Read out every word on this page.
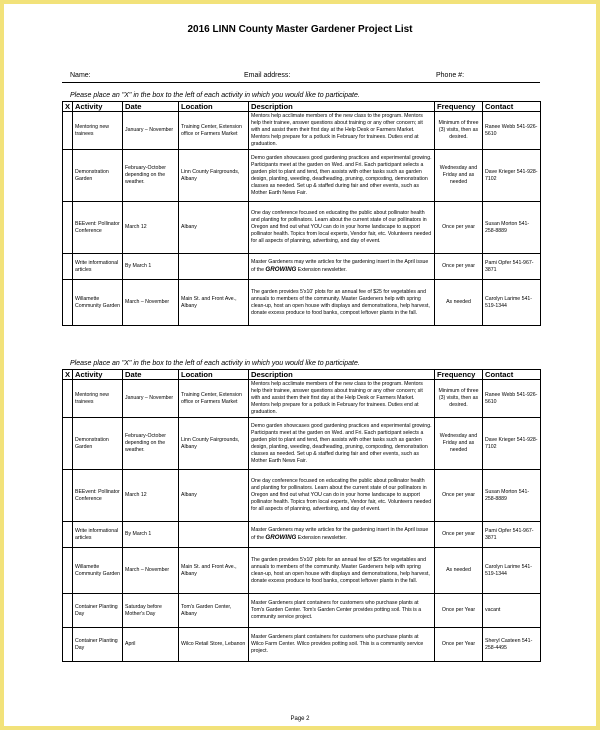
2016 LINN County Master Gardener Project List
Name:	Email address:	Phone #:
Please place an "X" in the box to the left of each activity in which you would like to participate.
X	Activity	Date	Location	Description	Frequency	Contact
	Mentoring new trainees	January – November	Training Center, Extension office or Farmers Market	Mentors help acclimate members of the new class to the program. Mentors help their trainee, answer questions about training or any other concern; sit with and assist them their first day at the Help Desk or Farmers Market. Mentors help prepare for a potluck in February for trainees. Duties end at graduation.	Minimum of three (3) visits, then as desired.	Ranee Webb 541-926-5610
	Demonstration Garden	February-October depending on the weather.	Linn County Fairgrounds, Albany	Demo garden showcases good gardening practices and experimental growing. Participants meet at the garden on Wed. and Fri. Each participant selects a garden plot to plant and tend, then assists with other tasks such as garden design, planting, weeding, deadheading, pruning, composting, demonstration classes as needed. Set up & staffed during fair and other events, such as Mother Earth News Fair.	Wednesday and Friday and as needed	Dave Krieger 541-928-7102
	BEEvent: Pollinator Conference	March 12	Albany	One day conference focused on educating the public about pollinator health and planting for pollinators. Learn about the current state of our pollinators in Oregon and find out what YOU can do in your home landscape to support pollinator health. Topics from local experts, Vendor fair, etc. Volunteers needed for all aspects of planning, advertising, and day of event.	Once per year	Susan Morton 541-258-8889
	Write informational articles	By March 1		Master Gardeners may write articles for the gardening insert in the April issue of the GROWING Extension newsletter.	Once per year	Pami Opfer 541-967-3871
	Willamette Community Garden	March – November	Main St. and Front Ave., Albany	The garden provides 5'x10' plots for an annual fee of $25 for vegetables and annuals to members of the community. Master Gardeners help with spring clean-up, host an open house with displays and demonstrations, help harvest, donate excess produce to food banks, compost leftover plants in the fall.	As needed	Carolyn Larime 541-519-1344
Please place an "X" in the box to the left of each activity in which you would like to participate.
X	Activity	Date	Location	Description	Frequency	Contact
	Mentoring new trainees	January – November	Training Center, Extension office or Farmers Market	Mentors help acclimate members of the new class to the program. Mentors help their trainee, answer questions about training or any other concern; sit with and assist them their first day at the Help Desk or Farmers Market. Mentors help prepare for a potluck in February for trainees. Duties end at graduation.	Minimum of three (3) visits, then as desired.	Ranee Webb 541-926-5610
	Demonstration Garden	February-October depending on the weather.	Linn County Fairgrounds, Albany	Demo garden showcases good gardening practices and experimental growing. Participants meet at the garden on Wed. and Fri. Each participant selects a garden plot to plant and tend, then assists with other tasks such as garden design, planting, weeding, deadheading, pruning, composting, demonstration classes as needed. Set up & staffed during fair and other events, such as Mother Earth News Fair.	Wednesday and Friday and as needed	Dave Krieger 541-928-7102
	BEEvent: Pollinator Conference	March 12	Albany	One day conference focused on educating the public about pollinator health and planting for pollinators. Learn about the current state of our pollinators in Oregon and find out what YOU can do in your home landscape to support pollinator health. Topics from local experts, Vendor fair, etc. Volunteers needed for all aspects of planning, advertising, and day of event.	Once per year	Susan Morton 541-258-8889
	Write informational articles	By March 1		Master Gardeners may write articles for the gardening insert in the April issue of the GROWING Extension newsletter.	Once per year	Pami Opfer 541-967-3871
	Willamette Community Garden	March – November	Main St. and Front Ave., Albany	The garden provides 5'x10' plots for an annual fee of $25 for vegetables and annuals to members of the community. Master Gardeners help with spring clean-up, host an open house with displays and demonstrations, help harvest, donate excess produce to food banks, compost leftover plants in the fall.	As needed	Carolyn Larime 541-519-1344
	Container Planting Day	Saturday before Mother's Day	Tom's Garden Center, Albany	Master Gardeners plant containers for customers who purchase plants at Tom's Garden Center. Tom's Garden Center provides potting soil. This is a community service project.	Once per Year	vacant
	Container Planting Day	April	Wilco Retail Store, Lebanon	Master Gardeners plant containers for customers who purchase plants at Wilco Farm Center. Wilco provides potting soil. This is a community service project.	Once per Year	Sheryl Casteen 541-258-4495
Page 2
